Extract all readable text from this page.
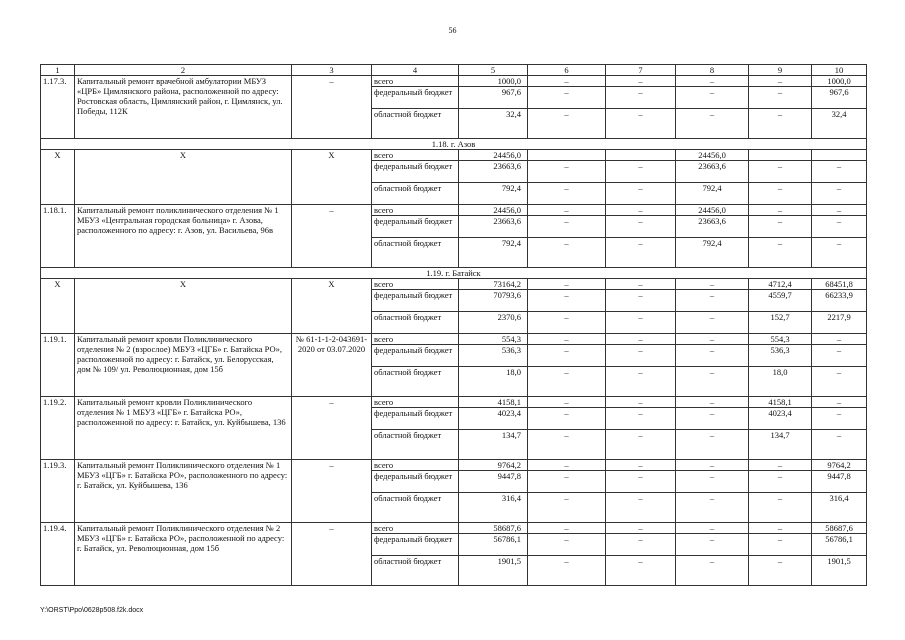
56
1	2	3	4	5	6	7	8	9	10
1.17.3.	Капитальный ремонт врачебной амбулатории МБУЗ «ЦРБ» Цимлянского района, расположенной по адресу: Ростовская область, Цимлянский район, г. Цимлянск, ул. Победы, 112К	–	всего	1000,0	–	–	–	–	1000,0
			федеральный бюджет	967,6	–	–	–	–	967,6
			областной бюджет	32,4	–	–	–	–	32,4
1.18. г. Азов									
X	X	X	всего	24456,0			24456,0		
			федеральный бюджет	23663,6	–	–	23663,6	–	–
			областной бюджет	792,4	–	–	792,4	–	–
1.18.1.	Капитальный ремонт поликлинического отделения № 1 МБУЗ «Центральная городская больница» г. Азова, расположенного по адресу: г. Азов, ул. Васильева, 96в	–	всего	24456,0	–	–	24456,0	–	–
			федеральный бюджет	23663,6	–	–	23663,6	–	–
			областной бюджет	792,4	–	–	792,4	–	–
1.19. г. Батайск									
X	X	X	всего	73164,2	–	–	–	4712,4	68451,8
			федеральный бюджет	70793,6	–	–	–	4559,7	66233,9
			областной бюджет	2370,6	–	–	–	152,7	2217,9
1.19.1.	Капитальный ремонт кровли Поликлинического отделения № 2 (взрослое) МБУЗ «ЦГБ» г. Батайска РО», расположенной по адресу: г. Батайск, ул. Белорусская, дом № 109/ ул. Революционная, дом 15б	№ 61-1-1-2-043691-2020 от 03.07.2020	всего	554,3	–	–	–	554,3	–
			федеральный бюджет	536,3	–	–	–	536,3	–
			областной бюджет	18,0	–	–	–	18,0	–
1.19.2.	Капитальный ремонт кровли Поликлинического отделения № 1 МБУЗ «ЦГБ» г. Батайска РО», расположенной по адресу: г. Батайск, ул. Куйбышева, 136	–	всего	4158,1	–	–	–	4158,1	–
			федеральный бюджет	4023,4	–	–	–	4023,4	–
			областной бюджет	134,7	–	–	–	134,7	–
1.19.3.	Капитальный ремонт Поликлинического отделения № 1 МБУЗ «ЦГБ» г. Батайска РО», расположенного по адресу: г. Батайск, ул. Куйбышева, 136	–	всего	9764,2	–	–	–	–	9764,2
			федеральный бюджет	9447,8	–	–	–	–	9447,8
			областной бюджет	316,4	–	–	–	–	316,4
1.19.4.	Капитальный ремонт Поликлинического отделения № 2 МБУЗ «ЦГБ» г. Батайска РО», расположенной по адресу: г. Батайск, ул. Революционная, дом 15б	–	всего	58687,6	–	–	–	–	58687,6
			федеральный бюджет	56786,1	–	–	–	–	56786,1
			областной бюджет	1901,5	–	–	–	–	1901,5
Y:\ORST\Ppo\0628p508.f2k.docx
